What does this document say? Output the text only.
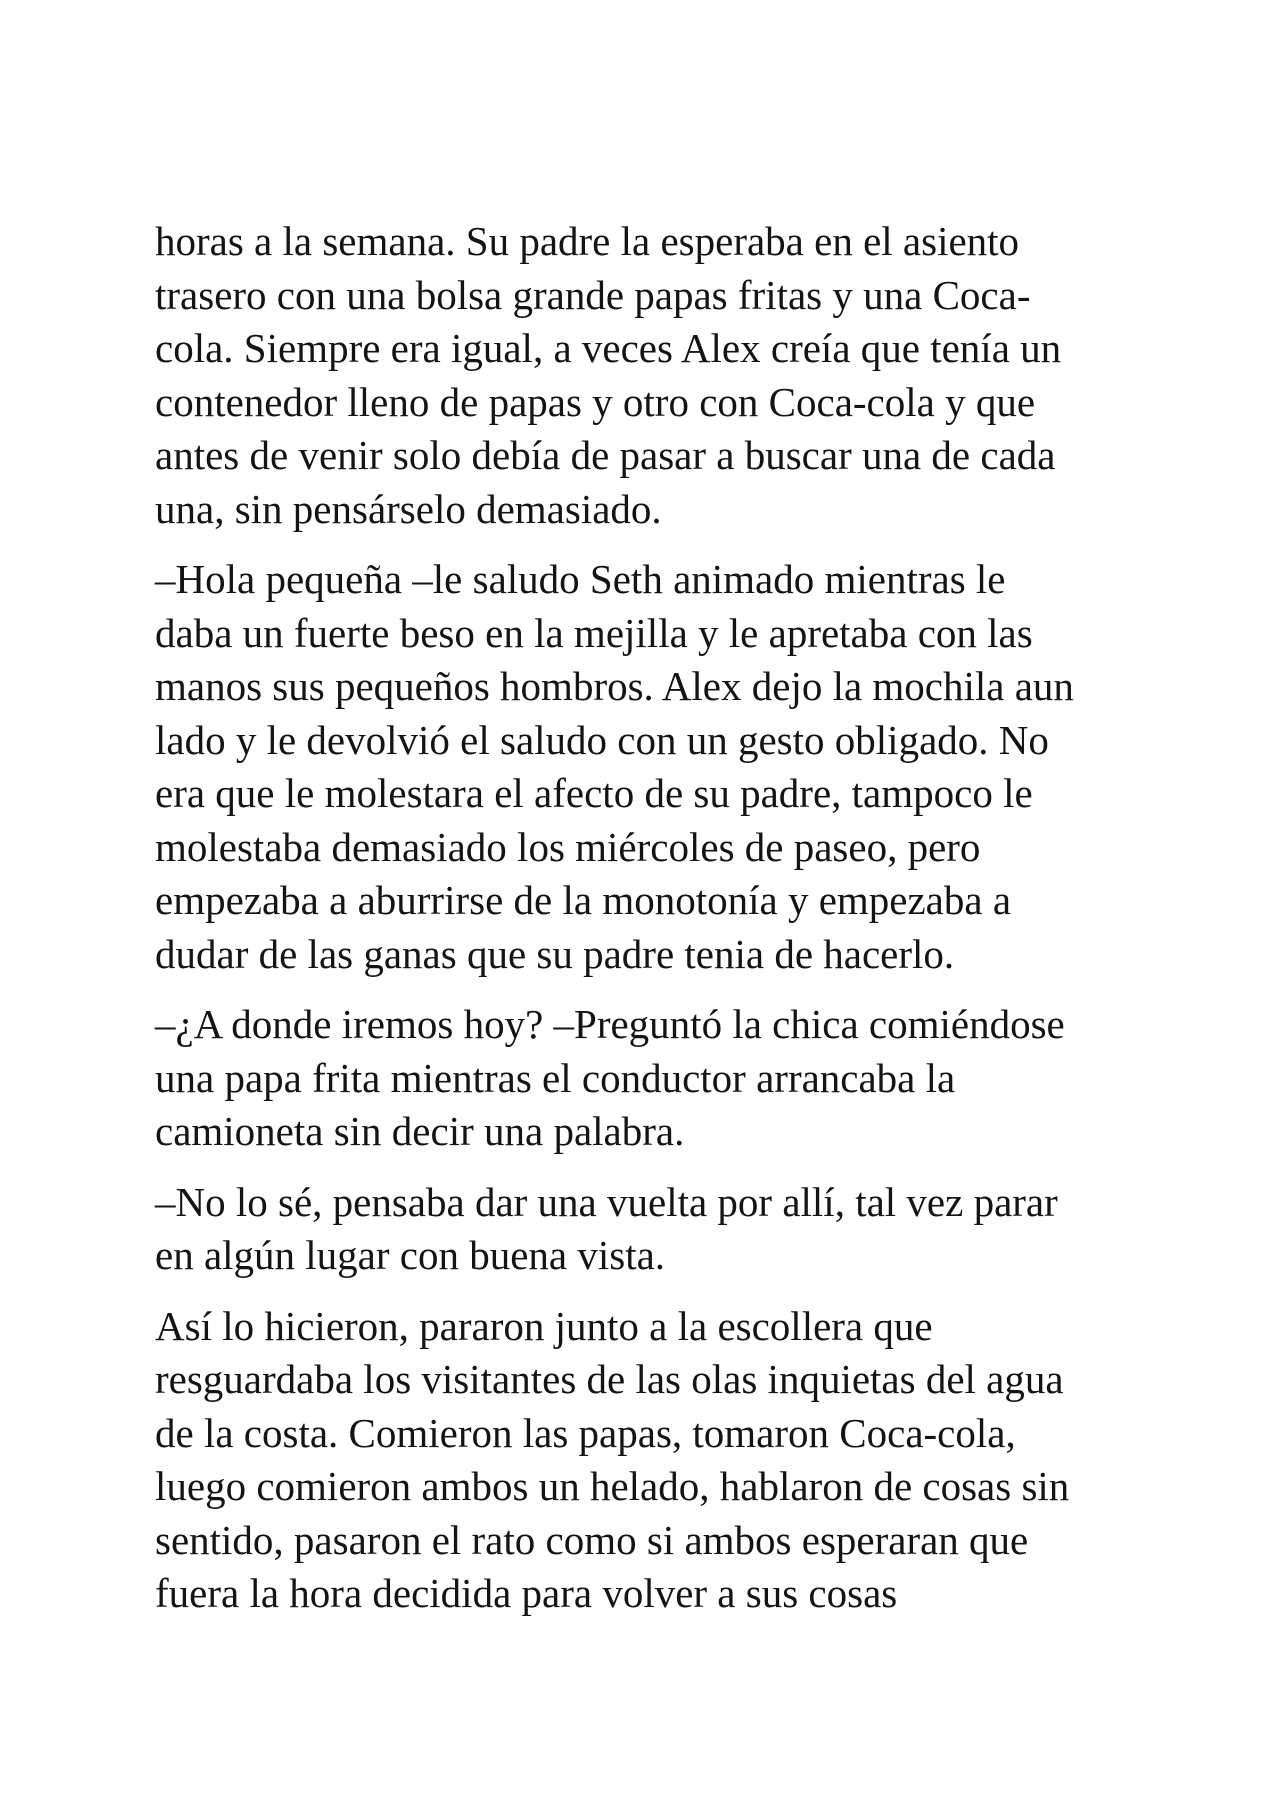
horas a la semana. Su padre la esperaba en el asiento
trasero con una bolsa grande papas fritas y una Coca-
cola. Siempre era igual, a veces Alex creía que tenía un
contenedor lleno de papas y otro con Coca-cola y que
antes de venir solo debía de pasar a buscar una de cada
una, sin pensárselo demasiado.

–Hola pequeña –le saludo Seth animado mientras le
daba un fuerte beso en la mejilla y le apretaba con las
manos sus pequeños hombros. Alex dejo la mochila aun
lado y le devolvió el saludo con un gesto obligado. No
era que le molestara el afecto de su padre, tampoco le
molestaba demasiado los miércoles de paseo, pero
empezaba a aburrirse de la monotonía y empezaba a
dudar de las ganas que su padre tenia de hacerlo.

–¿A donde iremos hoy? –Preguntó la chica comiéndose
una papa frita mientras el conductor arrancaba la
camioneta sin decir una palabra.

–No lo sé, pensaba dar una vuelta por allí, tal vez parar
en algún lugar con buena vista.

Así lo hicieron, pararon junto a la escollera que
resguardaba los visitantes de las olas inquietas del agua
de la costa. Comieron las papas, tomaron Coca-cola,
luego comieron ambos un helado, hablaron de cosas sin
sentido, pasaron el rato como si ambos esperaran que
fuera la hora decidida para volver a sus cosas
